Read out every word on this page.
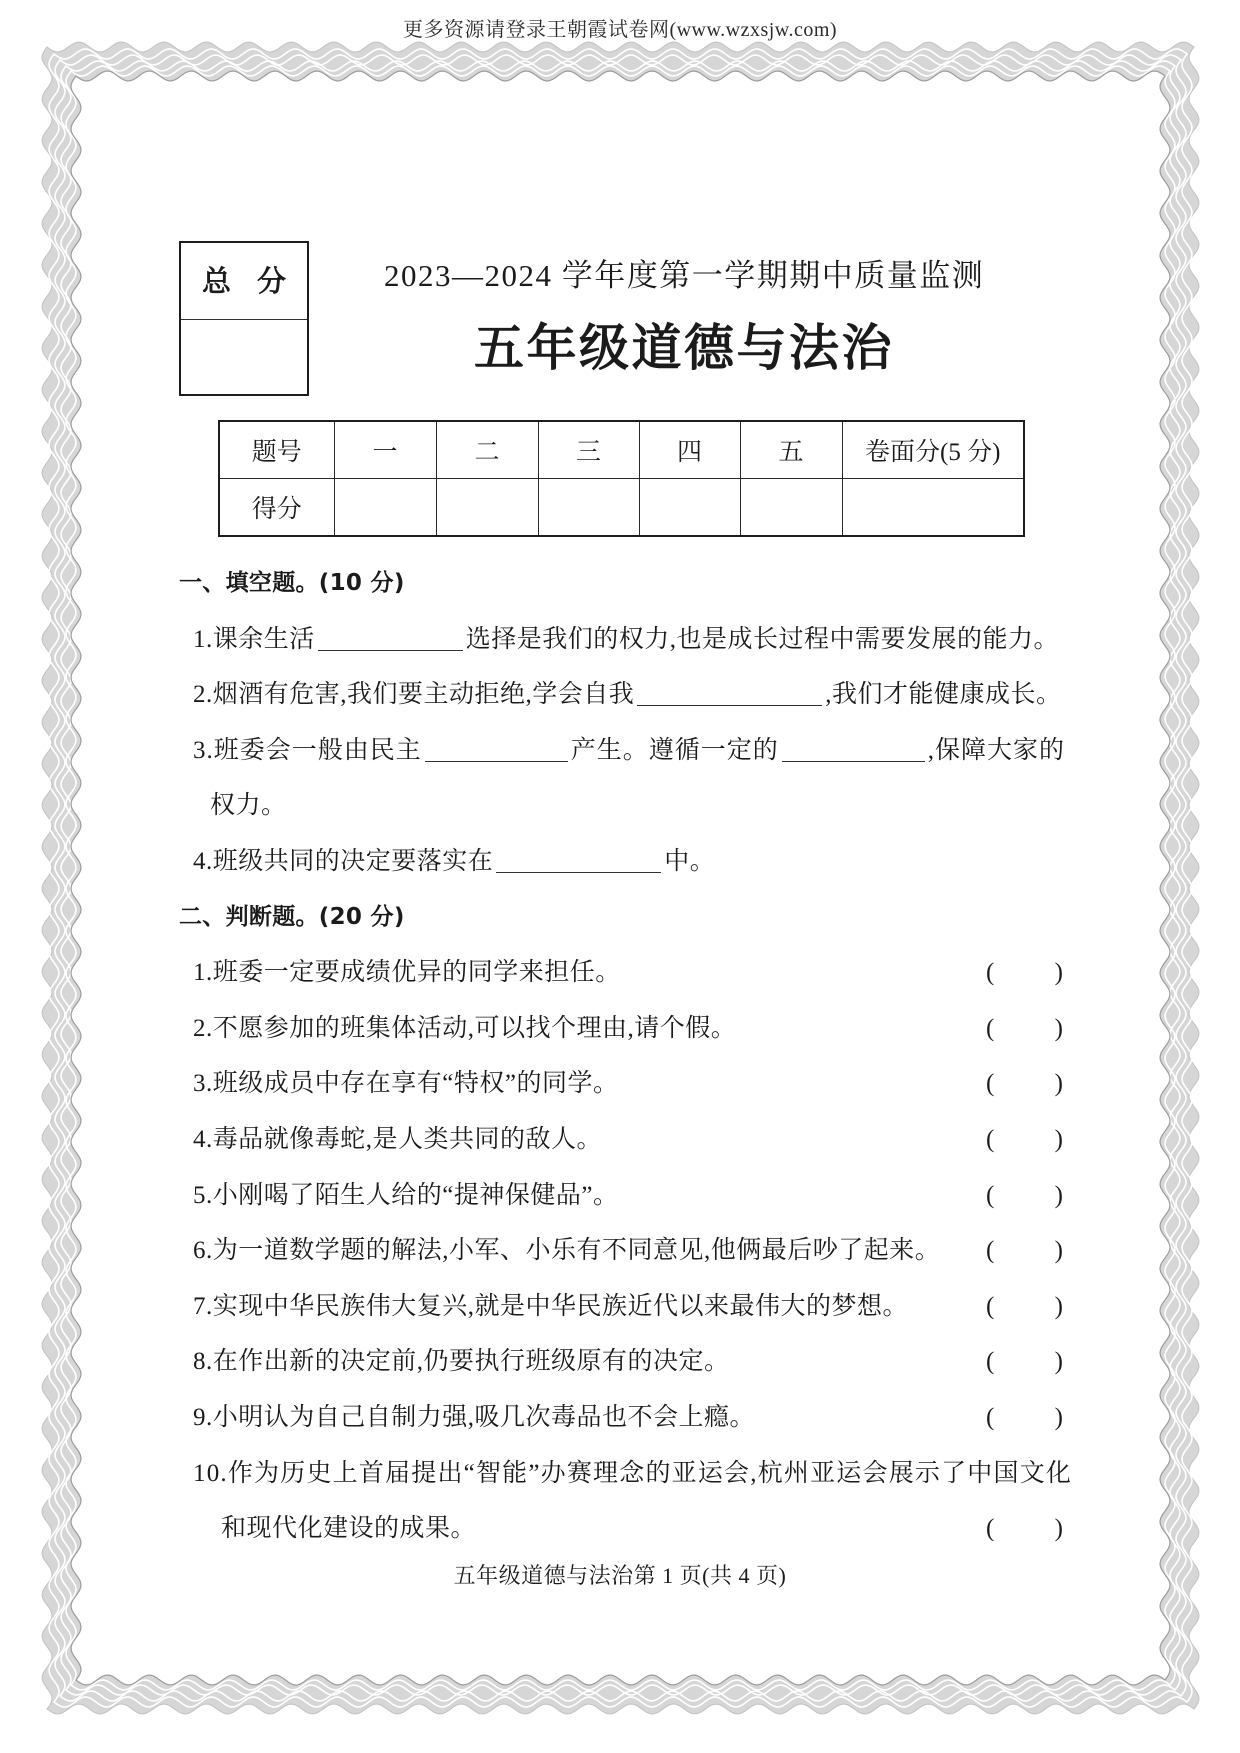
更多资源请登录王朝霞试卷网(www.wzxsjw.com)
总 分	2023—2024 学年度第一学期期中质量监测
五年级道德与法治
题号	一	二	三	四	五	卷面分(5 分)
得分						
一、填空题。(10 分)
1.课余生活	选择是我们的权力,也是成长过程中需要发展的能力。
2.烟酒有危害,我们要主动拒绝,学会自我	,我们才能健康成长。
3.班委会一般由民主	产生。遵循一定的	,保障大家的
权力。
4.班级共同的决定要落实在	中。
二、判断题。(20 分)
1.班委一定要成绩优异的同学来担任。	( )
2.不愿参加的班集体活动,可以找个理由,请个假。	( )
3.班级成员中存在享有“特权”的同学。	( )
4.毒品就像毒蛇,是人类共同的敌人。	( )
5.小刚喝了陌生人给的“提神保健品”。	( )
6.为一道数学题的解法,小军、小乐有不同意见,他俩最后吵了起来。 ( )
7.实现中华民族伟大复兴,就是中华民族近代以来最伟大的梦想。	( )
8.在作出新的决定前,仍要执行班级原有的决定。	( )
9.小明认为自己自制力强,吸几次毒品也不会上瘾。	( )
10.作为历史上首届提出“智能”办赛理念的亚运会,杭州亚运会展示了中国文化
和现代化建设的成果。	( )
五年级道德与法治第 1 页(共 4 页)
